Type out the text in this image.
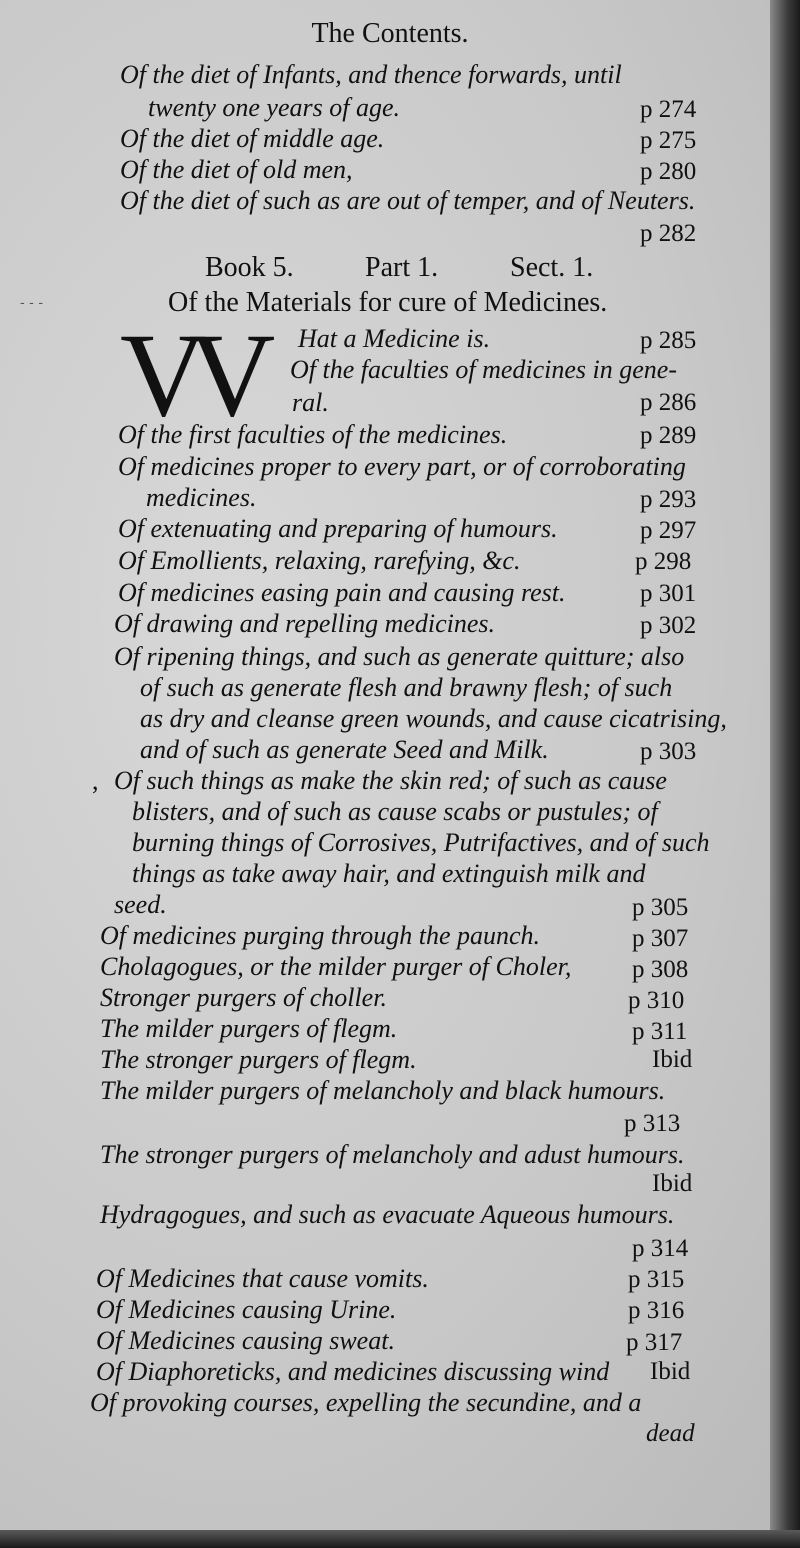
The Contents.
Of the diet of Infants, and thence forwards, until
twenty one years of age.	p 274
Of the diet of middle age.	p 275
Of the diet of old men,	p 280
Of the diet of such as are out of temper, and of Neuters.
p 282
Book 5.	Part 1.	Sect. 1.
Of the Materials for cure of Medicines.
- - -
VV Hat a Medicine is.	p 285
Of the faculties of medicines in gene-
ral.	p 286
Of the first faculties of the medicines.	p 289
Of medicines proper to every part, or of corroborating
medicines.	p 293
Of extenuating and preparing of humours.	p 297
Of Emollients, relaxing, rarefying, &c.	p 298
Of medicines easing pain and causing rest.	p 301
Of drawing and repelling medicines.	p 302
Of ripening things, and such as generate quitture; also
of such as generate flesh and brawny flesh; of such
as dry and cleanse green wounds, and cause cicatrising,
and of such as generate Seed and Milk.	p 303
, Of such things as make the skin red; of such as cause
blisters, and of such as cause scabs or pustules; of
burning things of Corrosives, Putrifactives, and of such
things as take away hair, and extinguish milk and
seed.	p 305
Of medicines purging through the paunch.	p 307
Cholagogues, or the milder purger of Choler, p 308
Stronger purgers of choller.	p 310
The milder purgers of flegm.	p 311
The stronger purgers of flegm.	Ibid
The milder purgers of melancholy and black humours.
p 313
The stronger purgers of melancholy and adust humours.
Ibid
Hydragogues, and such as evacuate Aqueous humours.
p 314
Of Medicines that cause vomits.	p 315
Of Medicines causing Urine.	p 316
Of Medicines causing sweat.	p 317
Of Diaphoreticks, and medicines discussing wind Ibid
Of provoking courses, expelling the secundine, and a
dead
